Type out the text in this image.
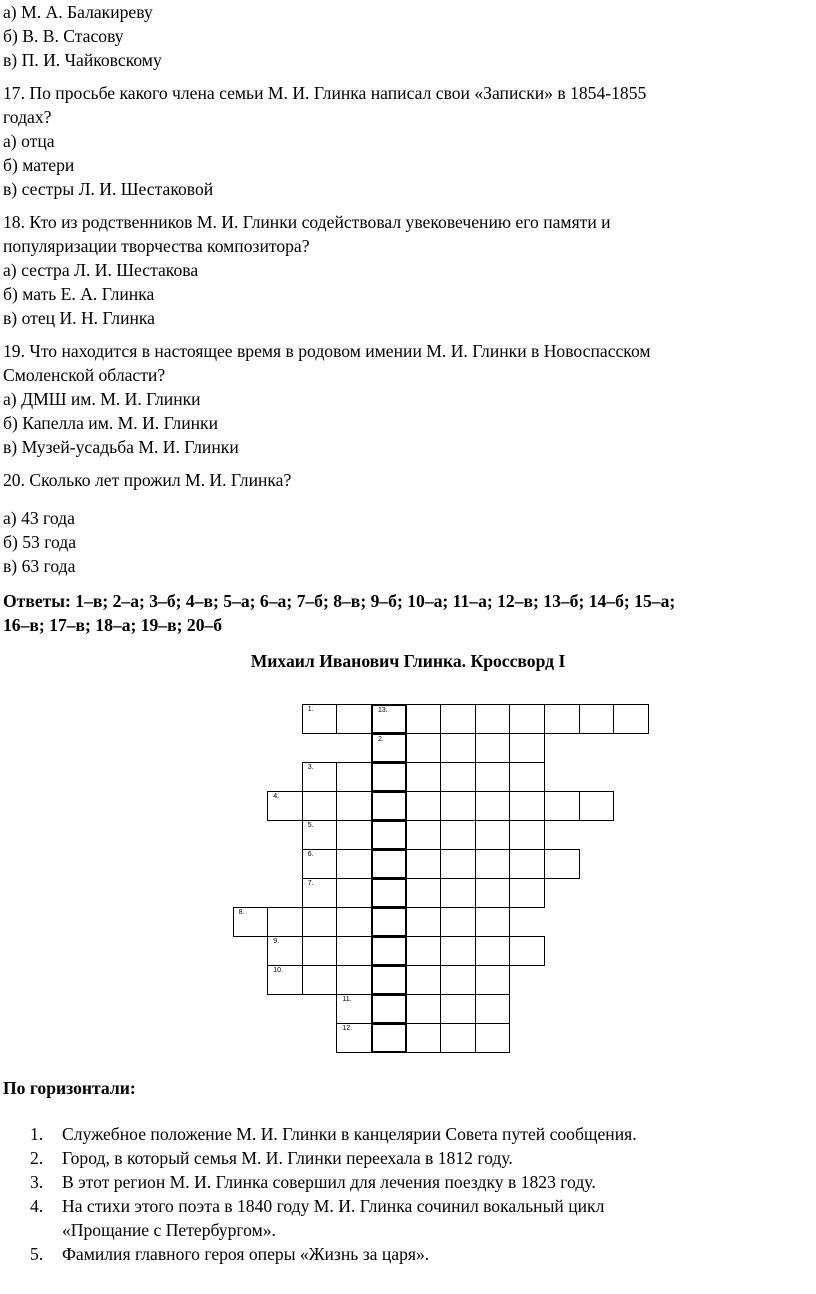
а) М. А. Балакиреву
б) В. В. Стасову
в) П. И. Чайковскому
17. По просьбе какого члена семьи М. И. Глинка написал свои «Записки» в 1854-1855
годах?
а) отца
б) матери
в) сестры Л. И. Шестаковой
18. Кто из родственников М. И. Глинки содействовал увековечению его памяти и
популяризации творчества композитора?
а) сестра Л. И. Шестакова
б) мать Е. А. Глинка
в) отец И. Н. Глинка
19. Что находится в настоящее время в родовом имении М. И. Глинки в Новоспасском
Смоленской области?
а) ДМШ им. М. И. Глинки
б) Капелла им. М. И. Глинки
в) Музей-усадьба М. И. Глинки
20. Сколько лет прожил М. И. Глинка?
а) 43 года
б) 53 года
в) 63 года
Ответы: 1–в; 2–а; 3–б; 4–в; 5–а; 6–а; 7–б; 8–в; 9–б; 10–а; 11–а; 12–в; 13–б; 14–б; 15–а;
16–в; 17–в; 18–а; 19–в; 20–б
Михаил Иванович Глинка. Кроссворд I
1.	13.
2.
3.
4.
5.
6.
7.
8.
9.
10.
11.
12.
По горизонтали:
1. Служебное положение М. И. Глинки в канцелярии Совета путей сообщения.
2. Город, в который семья М. И. Глинки переехала в 1812 году.
3. В этот регион М. И. Глинка совершил для лечения поездку в 1823 году.
4. На стихи этого поэта в 1840 году М. И. Глинка сочинил вокальный цикл
«Прощание с Петербургом».
5. Фамилия главного героя оперы «Жизнь за царя».
